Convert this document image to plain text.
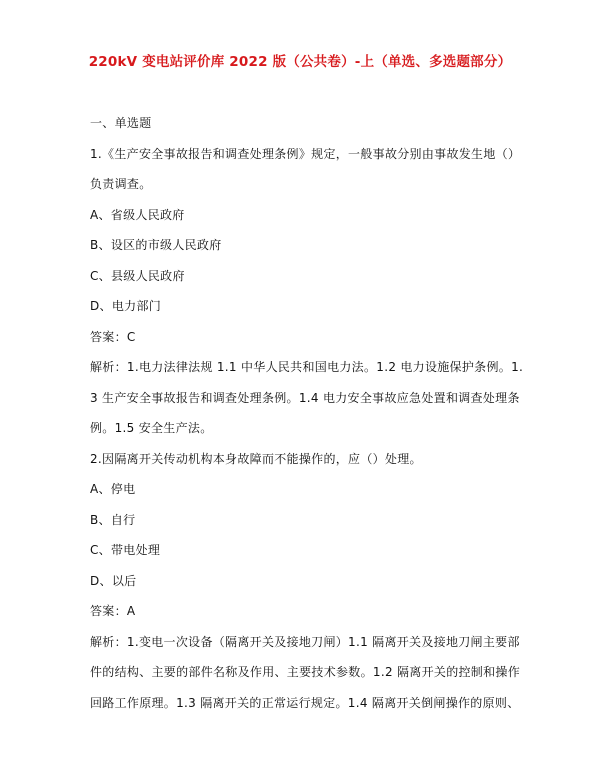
220kV 变电站评价库 2022 版（公共卷）-上（单选、多选题部分）
一、单选题
1.《生产安全事故报告和调查处理条例》规定，一般事故分别由事故发生地（）
负责调查。
A、省级人民政府
B、设区的市级人民政府
C、县级人民政府
D、电力部门
答案：C
解析：1.电力法律法规 1.1 中华人民共和国电力法。1.2 电力设施保护条例。1.
3 生产安全事故报告和调查处理条例。1.4 电力安全事故应急处置和调查处理条
例。1.5 安全生产法。
2.因隔离开关传动机构本身故障而不能操作的，应（）处理。
A、停电
B、自行
C、带电处理
D、以后
答案：A
解析：1.变电一次设备（隔离开关及接地刀闸）1.1 隔离开关及接地刀闸主要部
件的结构、主要的部件名称及作用、主要技术参数。1.2 隔离开关的控制和操作
回路工作原理。1.3 隔离开关的正常运行规定。1.4 隔离开关倒闸操作的原则、
